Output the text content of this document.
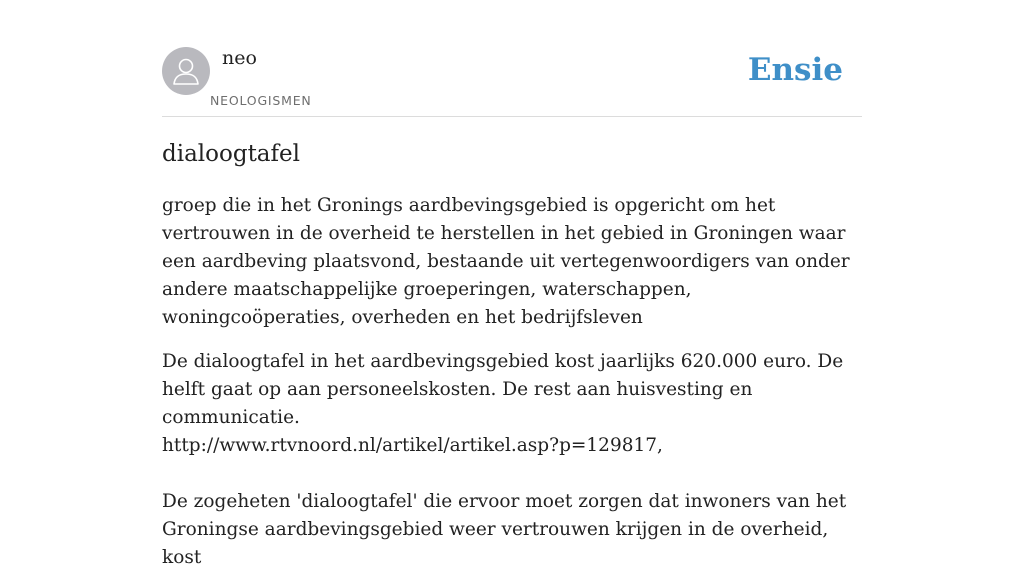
neo
NEOLOGISMEN
Ensie
dialoogtafel

groep die in het Gronings aardbevingsgebied is opgericht om het vertrouwen in de overheid te herstellen in het gebied in Groningen waar een aardbeving plaatsvond, bestaande uit vertegenwoordigers van onder andere maatschappelijke groeperingen, waterschappen, woningcoöperaties, overheden en het bedrijfsleven

De dialoogtafel in het aardbevingsgebied kost jaarlijks 620.000 euro. De helft gaat op aan personeelskosten. De rest aan huisvesting en communicatie.
http://www.rtvnoord.nl/artikel/artikel.asp?p=129817,

De zogeheten 'dialoogtafel' die ervoor moet zorgen dat inwoners van het Groningse aardbevingsgebied weer vertrouwen krijgen in de overheid, kost
